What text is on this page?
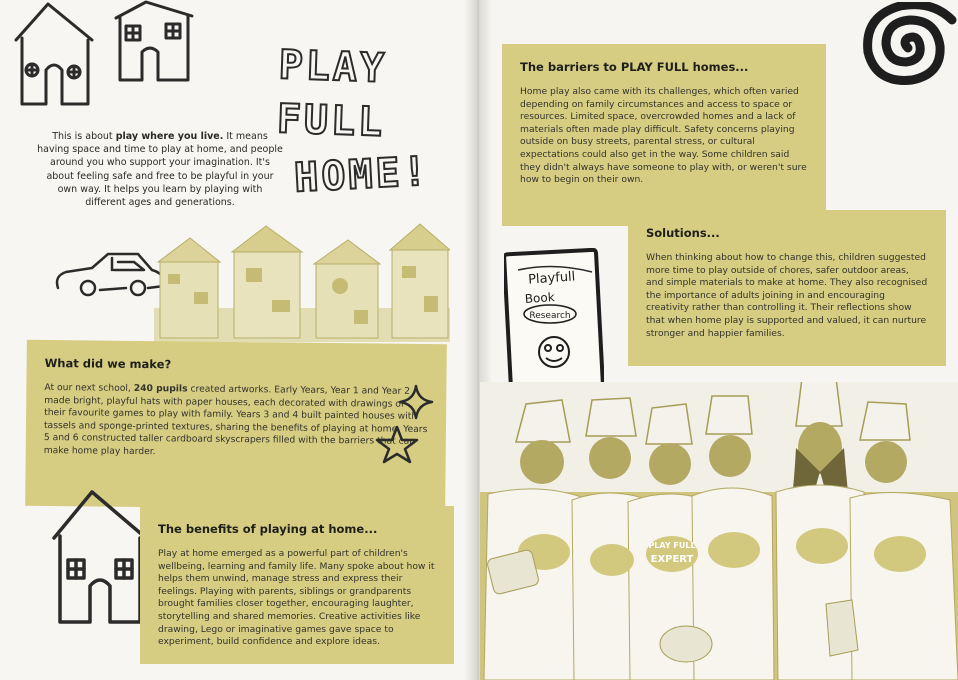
PLAY FULL
HOME!

This is about play where you live. It means having space and time to play at home, and people around you who support your imagination. It's about feeling safe and free to be playful in your own way. It helps you learn by playing with different ages and generations.

What did we make?

At our next school, 240 pupils created artworks. Early Years, Year 1 and Year 2 made bright, playful hats with paper houses, each decorated with drawings of their favourite games to play with family. Years 3 and 4 built painted houses with tassels and sponge-printed textures, sharing the benefits of playing at home. Years 5 and 6 constructed taller cardboard skyscrapers filled with the barriers that can make home play harder.

The benefits of playing at home...

Play at home emerged as a powerful part of children's wellbeing, learning and family life. Many spoke about how it helps them unwind, manage stress and express their feelings. Playing with parents, siblings or grandparents brought families closer together, encouraging laughter, storytelling and shared memories. Creative activities like drawing, Lego or imaginative games gave space to experiment, build confidence and explore ideas.

The barriers to PLAY FULL homes...

Home play also came with its challenges, which often varied depending on family circumstances and access to space or resources. Limited space, overcrowded homes and a lack of materials often made play difficult. Safety concerns playing outside on busy streets, parental stress, or cultural expectations could also get in the way. Some children said they didn't always have someone to play with, or weren't sure how to begin on their own.

Solutions...

When thinking about how to change this, children suggested more time to play outside of chores, safer outdoor areas, and simple materials to make at home. They also recognised the importance of adults joining in and encouraging creativity rather than controlling it. Their reflections show that when home play is supported and valued, it can nurture stronger and happier families.

Playfull
Book
Research
PLAY FULL
EXPERT
